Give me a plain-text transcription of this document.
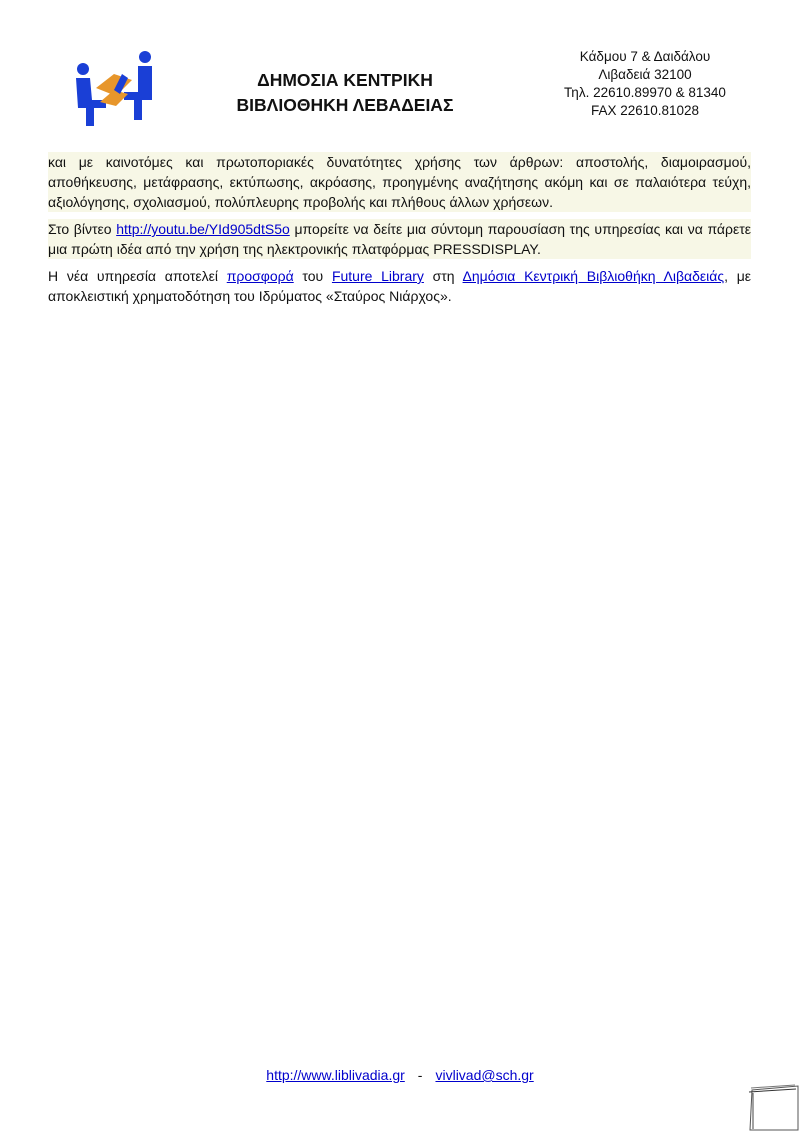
ΔΗΜΟΣΙΑ ΚΕΝΤΡΙΚΗ
ΒΙΒΛΙΟΘΗΚΗ ΛΕΒΑΔΕΙΑΣ
Κάδμου 7 & Δαιδάλου
Λιβαδειά 32100
Τηλ. 22610.89970 & 81340
FAX 22610.81028

και με καινοτόμες και πρωτοποριακές δυνατότητες χρήσης των άρθρων: αποστολής, διαμοιρασμού, αποθήκευσης, μετάφρασης, εκτύπωσης, ακρόασης, προηγμένης αναζήτησης ακόμη και σε παλαιότερα τεύχη, αξιολόγησης, σχολιασμού, πολύπλευρης προβολής και πλήθους άλλων χρήσεων.

Στο βίντεο http://youtu.be/YId905dtS5o μπορείτε να δείτε μια σύντομη παρουσίαση της υπηρεσίας και να πάρετε μια πρώτη ιδέα από την χρήση της ηλεκτρονικής πλατφόρμας PRESSDISPLAY.

Η νέα υπηρεσία αποτελεί προσφορά του Future Library στη Δημόσια Κεντρική Βιβλιοθήκη Λιβαδειάς, με αποκλειστική χρηματοδότηση του Ιδρύματος «Σταύρος Νιάρχος».

http://www.liblivadia.gr - vivlivad@sch.gr
